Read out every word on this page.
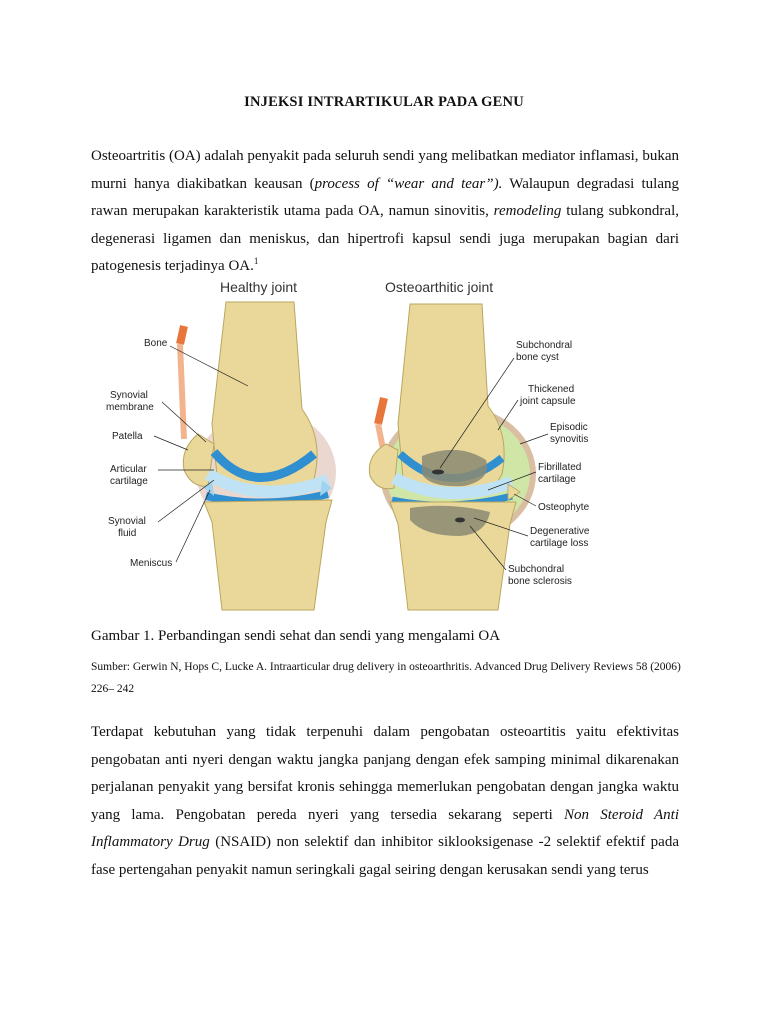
INJEKSI INTRARTIKULAR PADA GENU
Osteoartritis (OA) adalah penyakit pada seluruh sendi yang melibatkan mediator inflamasi, bukan murni hanya diakibatkan keausan (process of “wear and tear”). Walaupun degradasi tulang rawan merupakan karakteristik utama pada OA, namun sinovitis, remodeling tulang subkondral, degenerasi ligamen dan meniskus, dan hipertrofi kapsul sendi juga merupakan bagian dari patogenesis terjadinya OA.$^1$
Healthy joint	Osteoarthitic joint
Bone
Synovial
membrane
Patella
Articular
cartilage
Synovial
fluid
Meniscus
Subchondral
bone cyst
Thickened
joint capsule
Episodic
synovitis
Fibrillated
cartilage
Osteophyte
Degenerative
cartilage loss
Subchondral
bone sclerosis
Gambar 1. Perbandingan sendi sehat dan sendi yang mengalami OA
Sumber: Gerwin N, Hops C, Lucke A. Intraarticular drug delivery in osteoarthritis. Advanced Drug Delivery Reviews 58 (2006) 226– 242
Terdapat kebutuhan yang tidak terpenuhi dalam pengobatan osteoartitis yaitu efektivitas pengobatan anti nyeri dengan waktu jangka panjang dengan efek samping minimal dikarenakan perjalanan penyakit yang bersifat kronis sehingga memerlukan pengobatan dengan jangka waktu yang lama. Pengobatan pereda nyeri yang tersedia sekarang seperti Non Steroid Anti Inflammatory Drug (NSAID) non selektif dan inhibitor siklooksigenase -2 selektif efektif pada fase pertengahan penyakit namun seringkali gagal seiring dengan kerusakan sendi yang terus
